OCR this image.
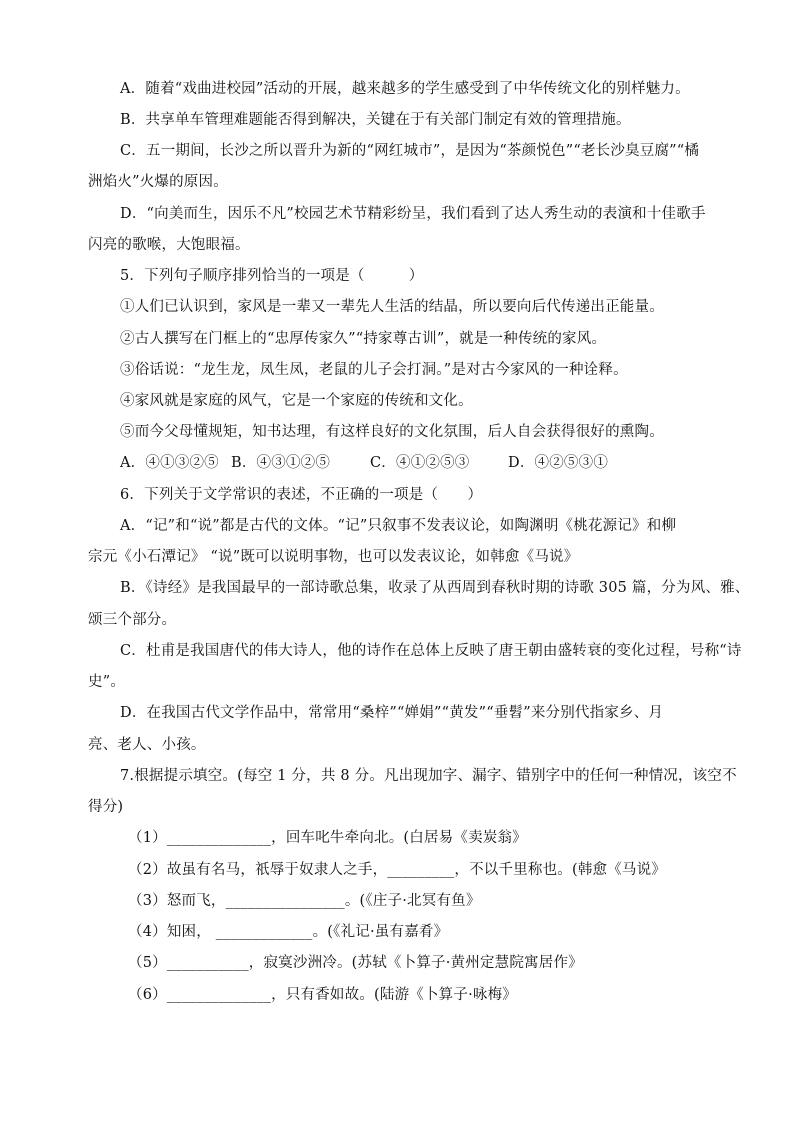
A．随着“戏曲进校园”活动的开展，越来越多的学生感受到了中华传统文化的别样魅力。
B．共享单车管理难题能否得到解决，关键在于有关部门制定有效的管理措施。
C．五一期间，长沙之所以晋升为新的“网红城市”，是因为“茶颜悦色”“老长沙臭豆腐”“橘
洲焰火”火爆的原因。
D．“向美而生，因乐不凡”校园艺术节精彩纷呈，我们看到了达人秀生动的表演和十佳歌手
闪亮的歌喉，大饱眼福。
5．下列句子顺序排列恰当的一项是（　　　）
①人们已认识到，家风是一辈又一辈先人生活的结晶，所以要向后代传递出正能量。
②古人撰写在门框上的“忠厚传家久”“持家尊古训”，就是一种传统的家风。
③俗话说：“龙生龙，凤生凤，老鼠的儿子会打洞。”是对古今家风的一种诠释。
④家风就是家庭的风气，它是一个家庭的传统和文化。
⑤而今父母懂规矩，知书达理，有这样良好的文化氛围，后人自会获得很好的熏陶。
A．④①③②⑤ B．④③①②⑤	C．④①②⑤③	D．④②⑤③①
6．下列关于文学常识的表述，不正确的一项是（　　）
A．“记”和“说”都是古代的文体。“记”只叙事不发表议论，如陶渊明《桃花源记》和柳
宗元《小石潭记》 “说”既可以说明事物，也可以发表议论，如韩愈《马说》
B．《诗经》是我国最早的一部诗歌总集，收录了从西周到春秋时期的诗歌 305 篇，分为风、雅、
颂三个部分。
C．杜甫是我国唐代的伟大诗人，他的诗作在总体上反映了唐王朝由盛转衰的变化过程，号称“诗
史”。
D．在我国古代文学作品中，常常用“桑梓”“婵娟”“黄发”“垂髫”来分别代指家乡、月
亮、老人、小孩。
7.根据提示填空。(每空 1 分，共 8 分。凡出现加字、漏字、错别字中的任何一种情况，该空不
得分)
（1）______________，回车叱牛牵向北。(白居易《卖炭翁》
（2）故虽有名马，祇辱于奴隶人之手，_________，不以千里称也。(韩愈《马说》
（3）怒而飞，________________。(《庄子·北冥有鱼》
（4）知困， _____________。(《礼记·虽有嘉肴》
（5）___________，寂寞沙洲冷。(苏轼《卜算子·黄州定慧院寓居作》
（6）______________，只有香如故。(陆游《卜算子·咏梅》
